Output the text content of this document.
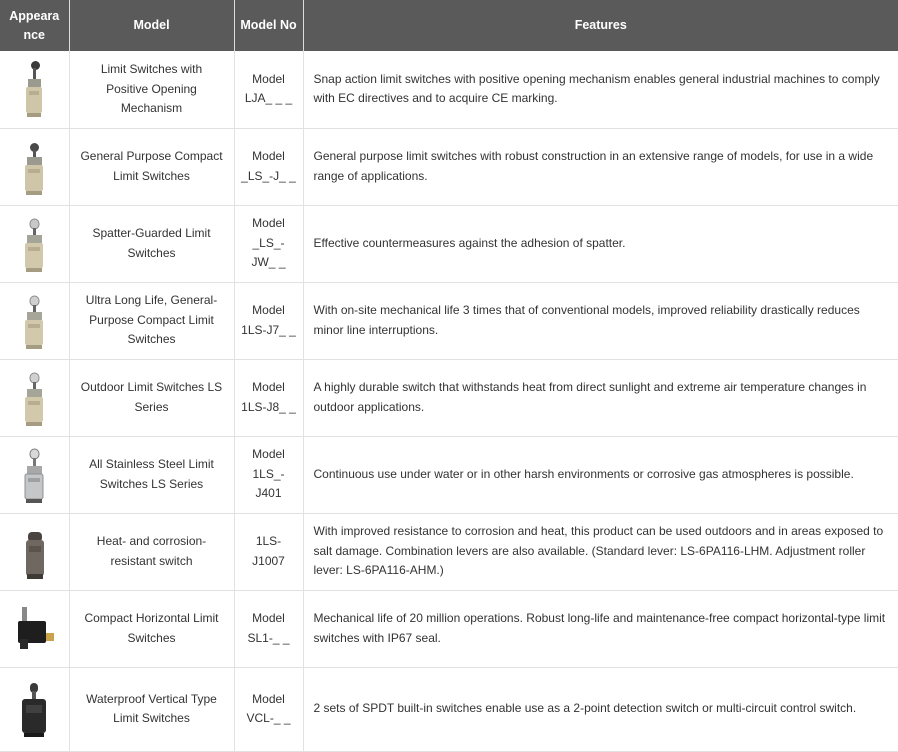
Appeara nce	Model	Model No	Features
	Limit Switches with Positive Opening Mechanism	Model LJA_ _ _	Snap action limit switches with positive opening mechanism enables general industrial machines to comply with EC directives and to acquire CE marking.
	General Purpose Compact Limit Switches	Model _LS_-J_ _	General purpose limit switches with robust construction in an extensive range of models, for use in a wide range of applications.
	Spatter-Guarded Limit Switches	Model _LS_-JW_ _	Effective countermeasures against the adhesion of spatter.
	Ultra Long Life, General-Purpose Compact Limit Switches	Model 1LS-J7_ _	With on-site mechanical life 3 times that of conventional models, improved reliability drastically reduces minor line interruptions.
	Outdoor Limit Switches LS Series	Model 1LS-J8_ _	A highly durable switch that withstands heat from direct sunlight and extreme air temperature changes in outdoor applications.
	All Stainless Steel Limit Switches LS Series	Model 1LS_-J401	Continuous use under water or in other harsh environments or corrosive gas atmospheres is possible.
	Heat- and corrosion-resistant switch	1LS-J1007	With improved resistance to corrosion and heat, this product can be used outdoors and in areas exposed to salt damage. Combination levers are also available. (Standard lever: LS-6PA116-LHM. Adjustment roller lever: LS-6PA116-AHM.)
	Compact Horizontal Limit Switches	Model SL1-_ _	Mechanical life of 20 million operations. Robust long-life and maintenance-free compact horizontal-type limit switches with IP67 seal.
	Waterproof Vertical Type Limit Switches	Model VCL-_ _	2 sets of SPDT built-in switches enable use as a 2-point detection switch or multi-circuit control switch.
